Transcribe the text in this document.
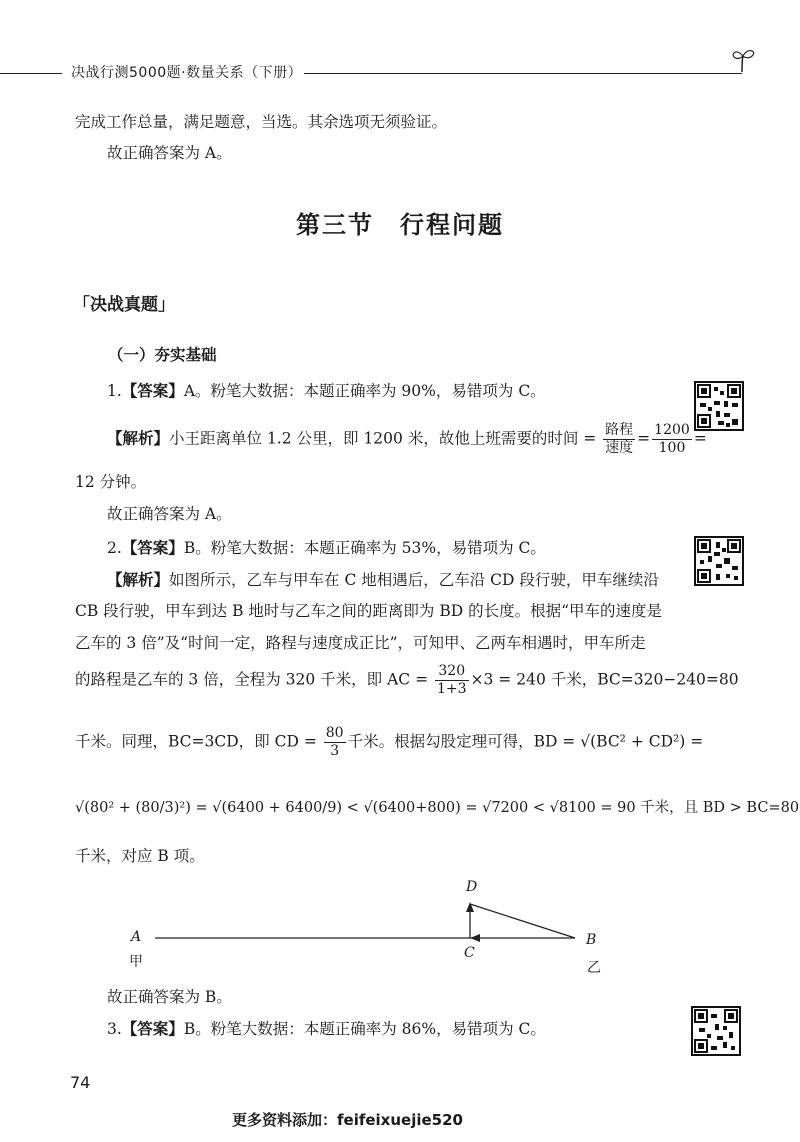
决战行测5000题·数量关系（下册）
完成工作总量，满足题意，当选。其余选项无须验证。
故正确答案为 A。
第三节　行程问题
「决战真题」
（一）夯实基础
1.【答案】A。粉笔大数据：本题正确率为 90%，易错项为 C。
【解析】小王距离单位 1.2 公里，即 1200 米，故他上班需要的时间 = $\frac{\text{路程}}{\text{速度}} = \frac{1200}{100}$ =
12 分钟。
故正确答案为 A。
2.【答案】B。粉笔大数据：本题正确率为 53%，易错项为 C。
【解析】如图所示，乙车与甲车在 C 地相遇后，乙车沿 CD 段行驶，甲车继续沿
CB 段行驶，甲车到达 B 地时与乙车之间的距离即为 BD 的长度。根据“甲车的速度是
乙车的 3 倍”及“时间一定，路程与速度成正比”，可知甲、乙两车相遇时，甲车所走
的路程是乙车的 3 倍，全程为 320 千米，即 AC = $\frac{320}{1+3} \times 3 = 240$ 千米，BC=320−240=80
千米。同理，BC=3CD，即 CD = $\frac{80}{3}$ 千米。根据勾股定理可得，BD = √(BC² + CD²) =
√(80² + (80/3)²) = √(6400 + 6400/9) < √(6400+800) = √7200 < √8100 = 90 千米，且 BD > BC=80
千米，对应 B 项。
A
甲
D
C
B
乙
故正确答案为 B。
3.【答案】B。粉笔大数据：本题正确率为 86%，易错项为 C。
74
更多资料添加：feifeixuejie520
